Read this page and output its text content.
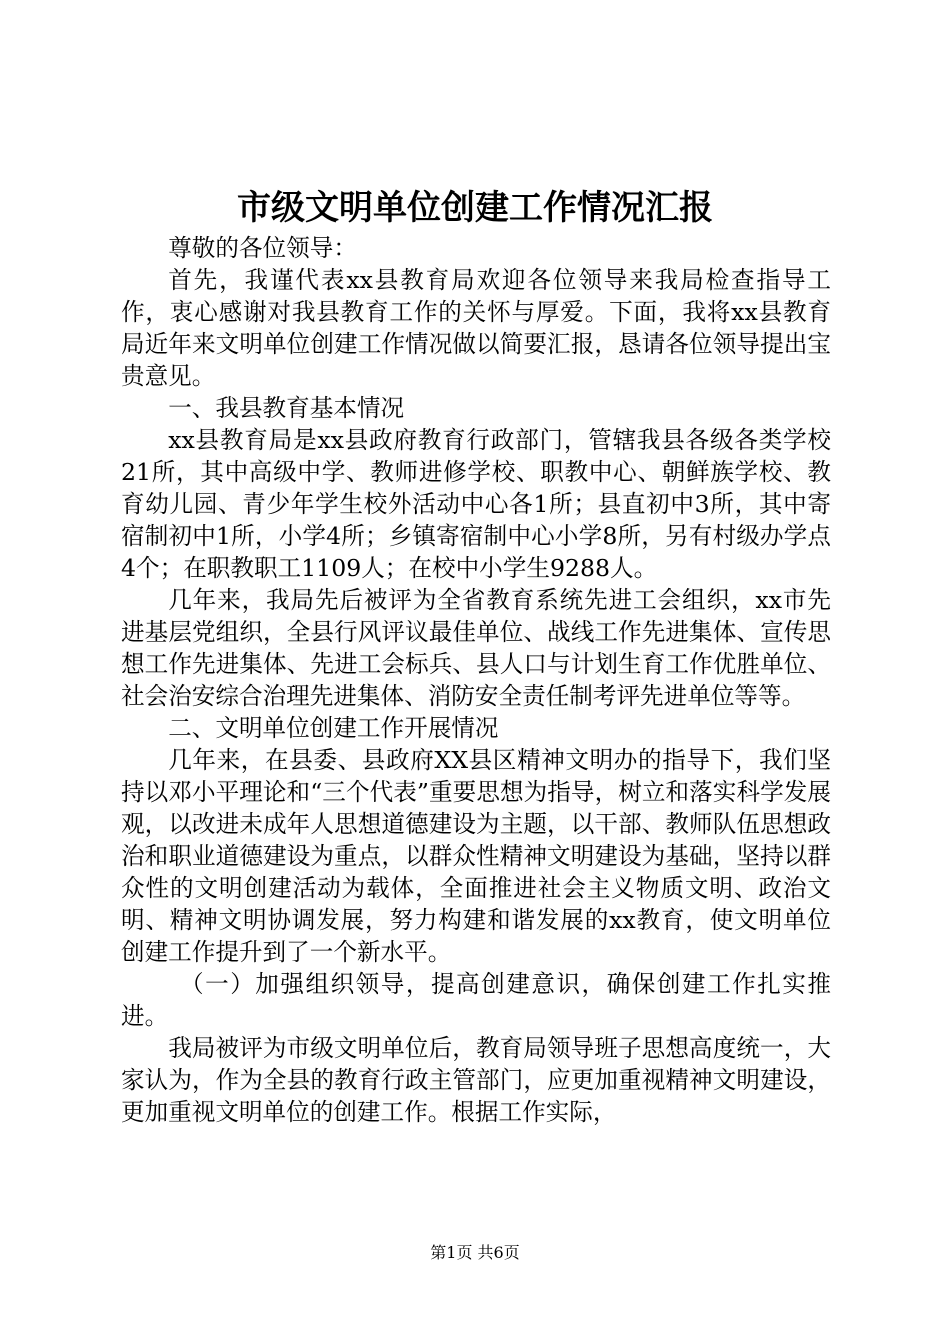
市级文明单位创建工作情况汇报

尊敬的各位领导：

首先，我谨代表xx县教育局欢迎各位领导来我局检查指导工作，衷心感谢对我县教育工作的关怀与厚爱。下面，我将xx县教育局近年来文明单位创建工作情况做以简要汇报，恳请各位领导提出宝贵意见。

一、我县教育基本情况

xx县教育局是xx县政府教育行政部门，管辖我县各级各类学校21所，其中高级中学、教师进修学校、职教中心、朝鲜族学校、教育幼儿园、青少年学生校外活动中心各1所；县直初中3所，其中寄宿制初中1所，小学4所；乡镇寄宿制中心小学8所，另有村级办学点4个；在职教职工1109人；在校中小学生9288人。

几年来，我局先后被评为全省教育系统先进工会组织，xx市先进基层党组织，全县行风评议最佳单位、战线工作先进集体、宣传思想工作先进集体、先进工会标兵、县人口与计划生育工作优胜单位、社会治安综合治理先进集体、消防安全责任制考评先进单位等等。

二、文明单位创建工作开展情况

几年来，在县委、县政府XX县区精神文明办的指导下，我们坚持以邓小平理论和“三个代表”重要思想为指导，树立和落实科学发展观，以改进未成年人思想道德建设为主题，以干部、教师队伍思想政治和职业道德建设为重点，以群众性精神文明建设为基础，坚持以群众性的文明创建活动为载体，全面推进社会主义物质文明、政治文明、精神文明协调发展，努力构建和谐发展的xx教育，使文明单位创建工作提升到了一个新水平。

（一）加强组织领导，提高创建意识，确保创建工作扎实推进。

我局被评为市级文明单位后，教育局领导班子思想高度统一，大家认为，作为全县的教育行政主管部门，应更加重视精神文明建设，更加重视文明单位的创建工作。根据工作实际，

第1页 共6页
